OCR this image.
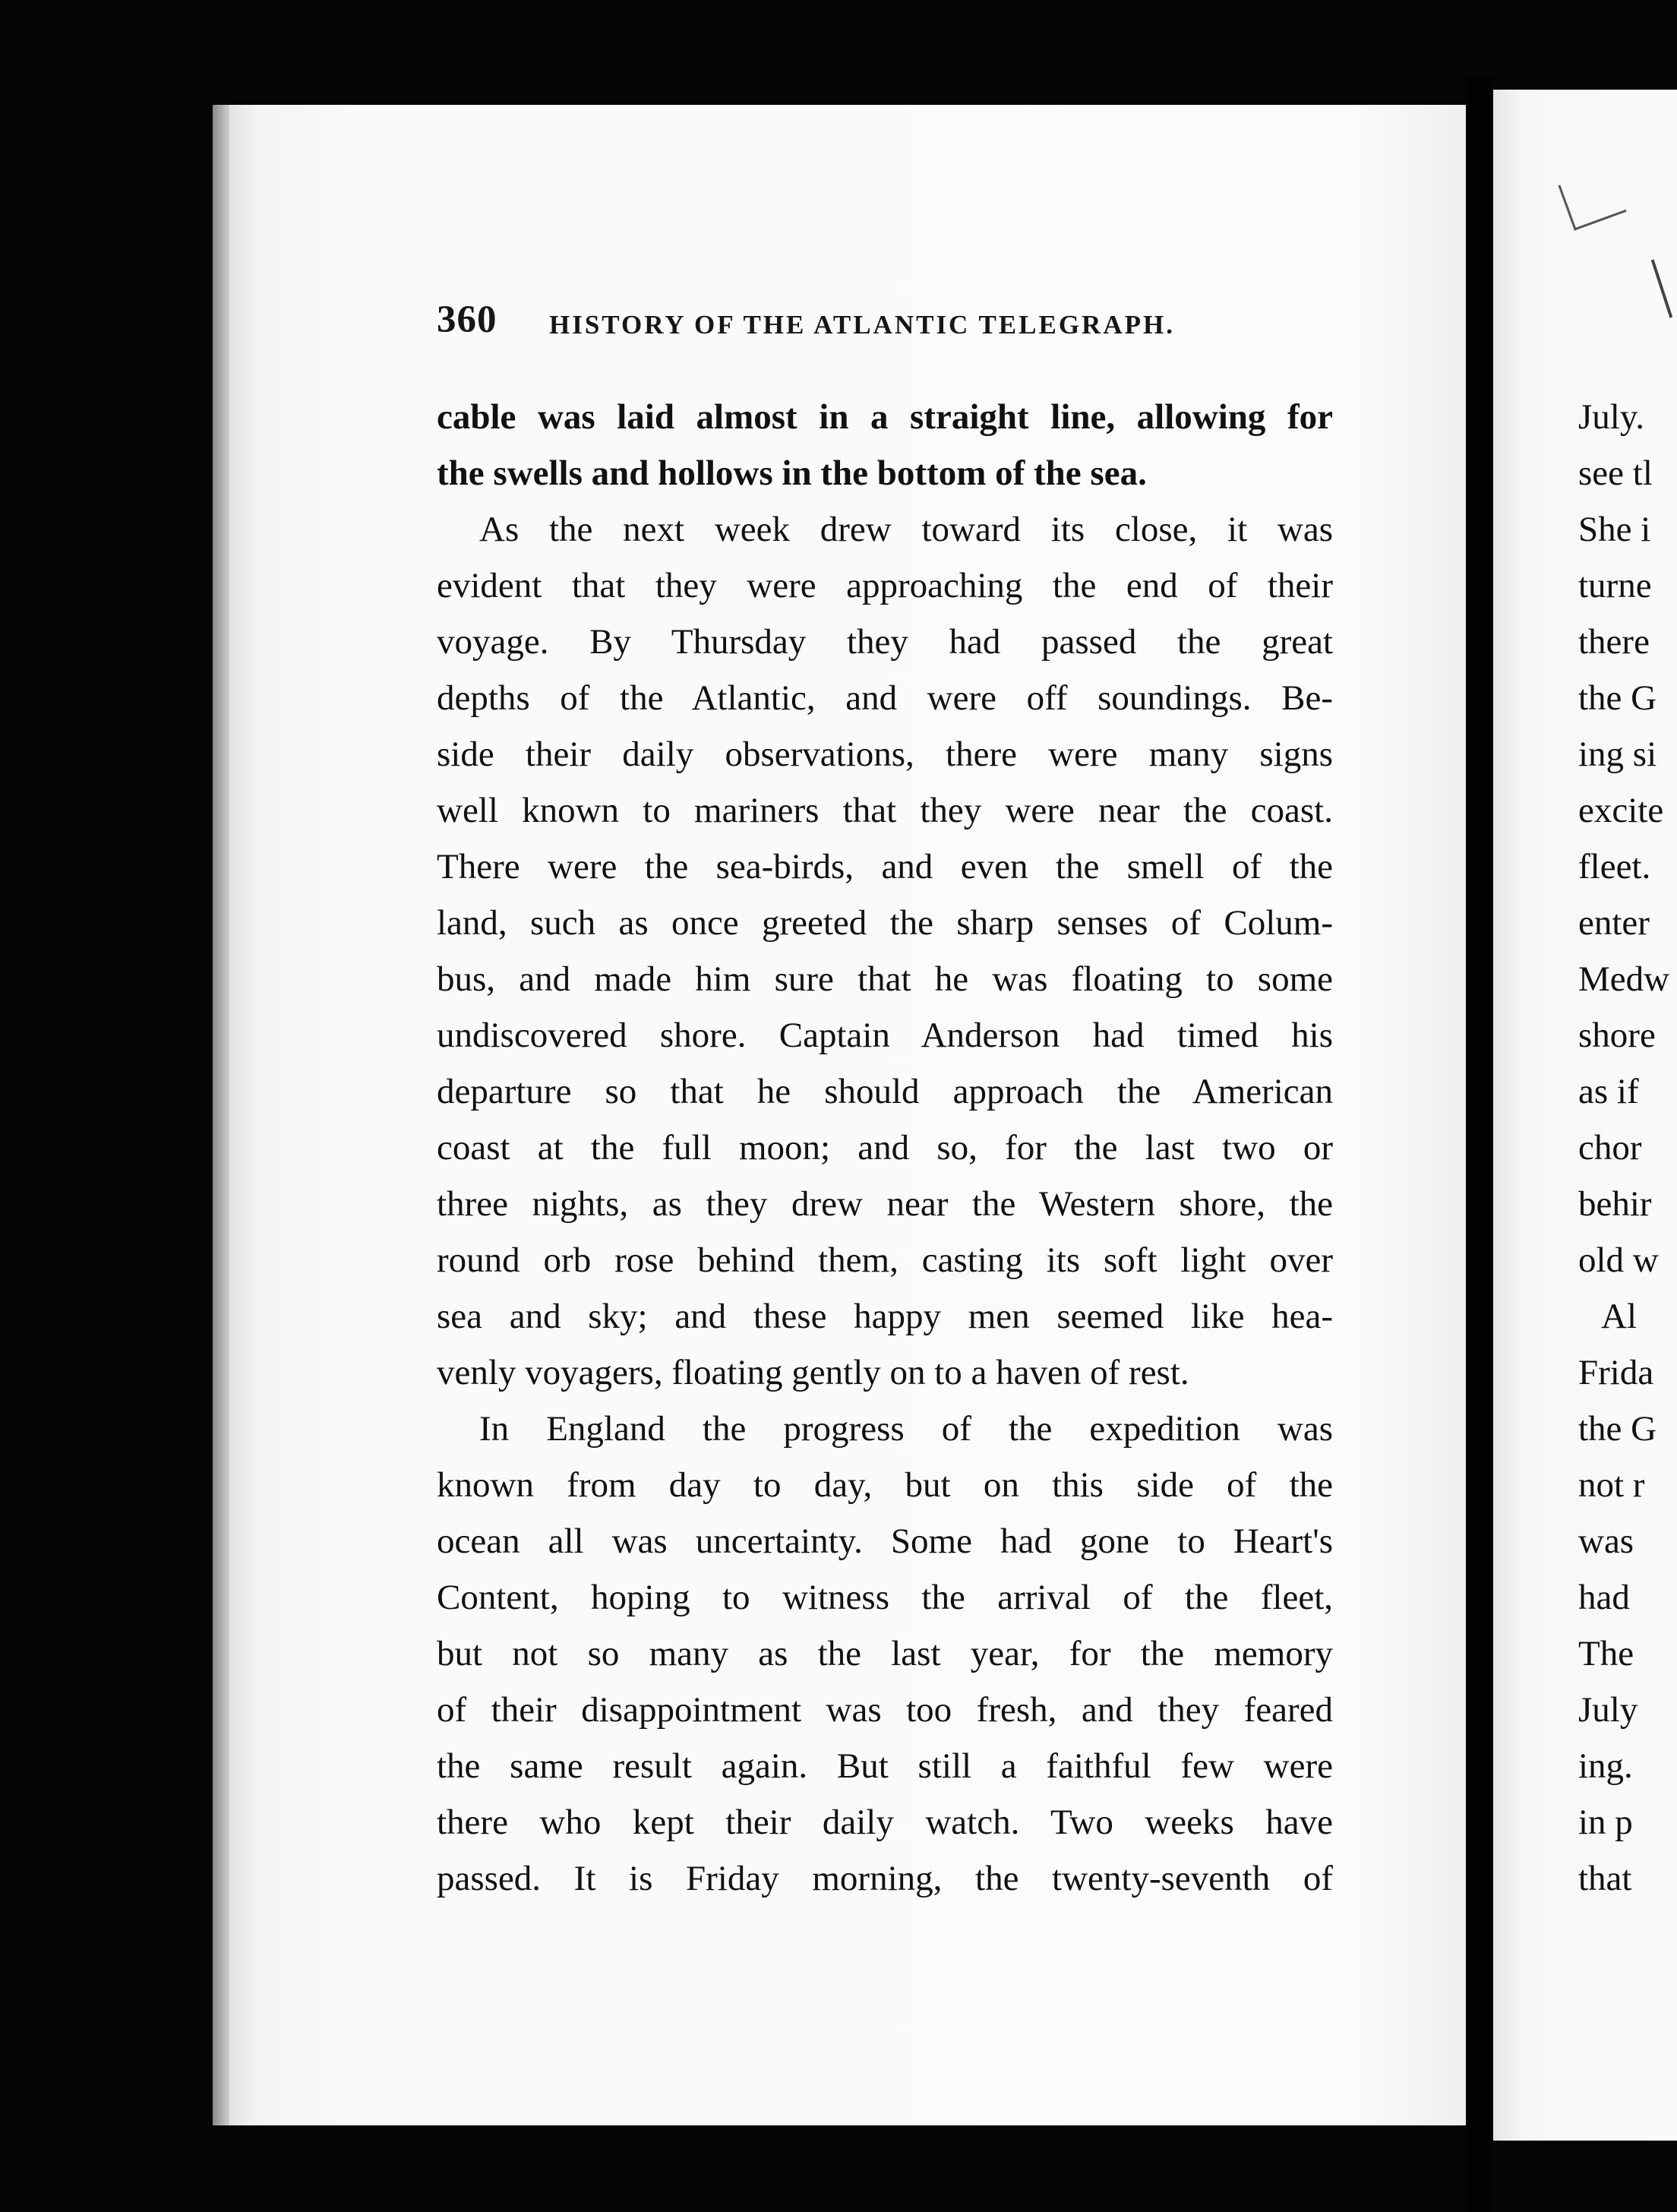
360 HISTORY OF THE ATLANTIC TELEGRAPH.
cable was laid almost in a straight line, allowing for
the swells and hollows in the bottom of the sea.
As the next week drew toward its close, it was
evident that they were approaching the end of their
voyage. By Thursday they had passed the great
depths of the Atlantic, and were off soundings. Be-
side their daily observations, there were many signs
well known to mariners that they were near the coast.
There were the sea-birds, and even the smell of the
land, such as once greeted the sharp senses of Colum-
bus, and made him sure that he was floating to some
undiscovered shore. Captain Anderson had timed his
departure so that he should approach the American
coast at the full moon; and so, for the last two or
three nights, as they drew near the Western shore, the
round orb rose behind them, casting its soft light over
sea and sky; and these happy men seemed like hea-
venly voyagers, floating gently on to a haven of rest.
In England the progress of the expedition was
known from day to day, but on this side of the
ocean all was uncertainty. Some had gone to Heart's
Content, hoping to witness the arrival of the fleet,
but not so many as the last year, for the memory
of their disappointment was too fresh, and they feared
the same result again. But still a faithful few were
there who kept their daily watch. Two weeks have
passed. It is Friday morning, the twenty-seventh of
July.
see tl
She i
turne
there
the G
ing si
excite
fleet.
enter
Medw
shore
as if
chor
behir
old w
Al
Frida
the G
not r
was
had
The
July
ing.
in p
that
